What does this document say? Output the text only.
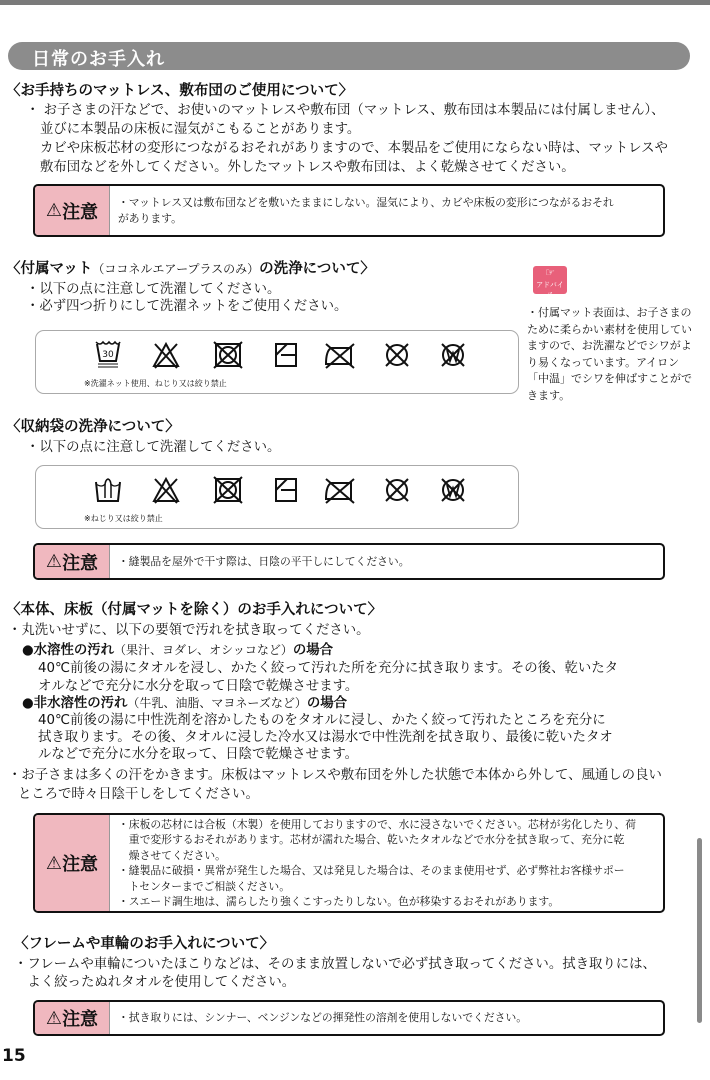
日常のお手入れ
〈お手持ちのマットレス、敷布団のご使用について〉
・ お子さまの汗などで、お使いのマットレスや敷布団（マットレス、敷布団は本製品には付属しません）、
並びに本製品の床板に湿気がこもることがあります。
カビや床板芯材の変形につながるおそれがありますので、本製品をご使用にならない時は、マットレスや
敷布団などを外してください。外したマットレスや敷布団は、よく乾燥させてください。
⚠ 注意 ・マットレス又は敷布団などを敷いたままにしない。湿気により、カビや床板の変形につながるおそれ
があります。
〈付属マット（ココネルエアープラスのみ）の洗浄について〉
・以下の点に注意して洗濯してください。
・必ず四つ折りにして洗濯ネットをご使用ください。
30
※洗濯ネット使用、ねじり又は絞り禁止
☞
アドバイス
・付属マット表面は、お子さまのために柔らかい素材を使用していますので、お洗濯などでシワがより易くなっています。アイロン「中温」でシワを伸ばすことができます。
〈収納袋の洗浄について〉
・以下の点に注意して洗濯してください。
※ねじり又は絞り禁止
⚠ 注意 ・縫製品を屋外で干す際は、日陰の平干しにしてください。
〈本体、床板（付属マットを除く）のお手入れについて〉
・丸洗いせずに、以下の要領で汚れを拭き取ってください。
●水溶性の汚れ（果汁、ヨダレ、オシッコなど）の場合
40℃前後の湯にタオルを浸し、かたく絞って汚れた所を充分に拭き取ります。その後、乾いたタ
オルなどで充分に水分を取って日陰で乾燥させます。
●非水溶性の汚れ（牛乳、油脂、マヨネーズなど）の場合
40℃前後の湯に中性洗剤を溶かしたものをタオルに浸し、かたく絞って汚れたところを充分に
拭き取ります。その後、タオルに浸した冷水又は湯水で中性洗剤を拭き取り、最後に乾いたタオ
ルなどで充分に水分を取って、日陰で乾燥させます。
・お子さまは多くの汗をかきます。床板はマットレスや敷布団を外した状態で本体から外して、風通しの良い
ところで時々日陰干しをしてください。
⚠ 注意
・床板の芯材には合板（木製）を使用しておりますので、水に浸さないでください。芯材が劣化したり、荷
　重で変形するおそれがあります。芯材が濡れた場合、乾いたタオルなどで水分を拭き取って、充分に乾
　燥させてください。
・縫製品に破損・異常が発生した場合、又は発見した場合は、そのまま使用せず、必ず弊社お客様サポー
　トセンターまでご相談ください。
・スエード調生地は、濡らしたり強くこすったりしない。色が移染するおそれがあります。
〈フレームや車輪のお手入れについて〉
・フレームや車輪についたほこりなどは、そのまま放置しないで必ず拭き取ってください。拭き取りには、
　よく絞ったぬれタオルを使用してください。
⚠ 注意 ・拭き取りには、シンナー、ベンジンなどの揮発性の溶剤を使用しないでください。
15
